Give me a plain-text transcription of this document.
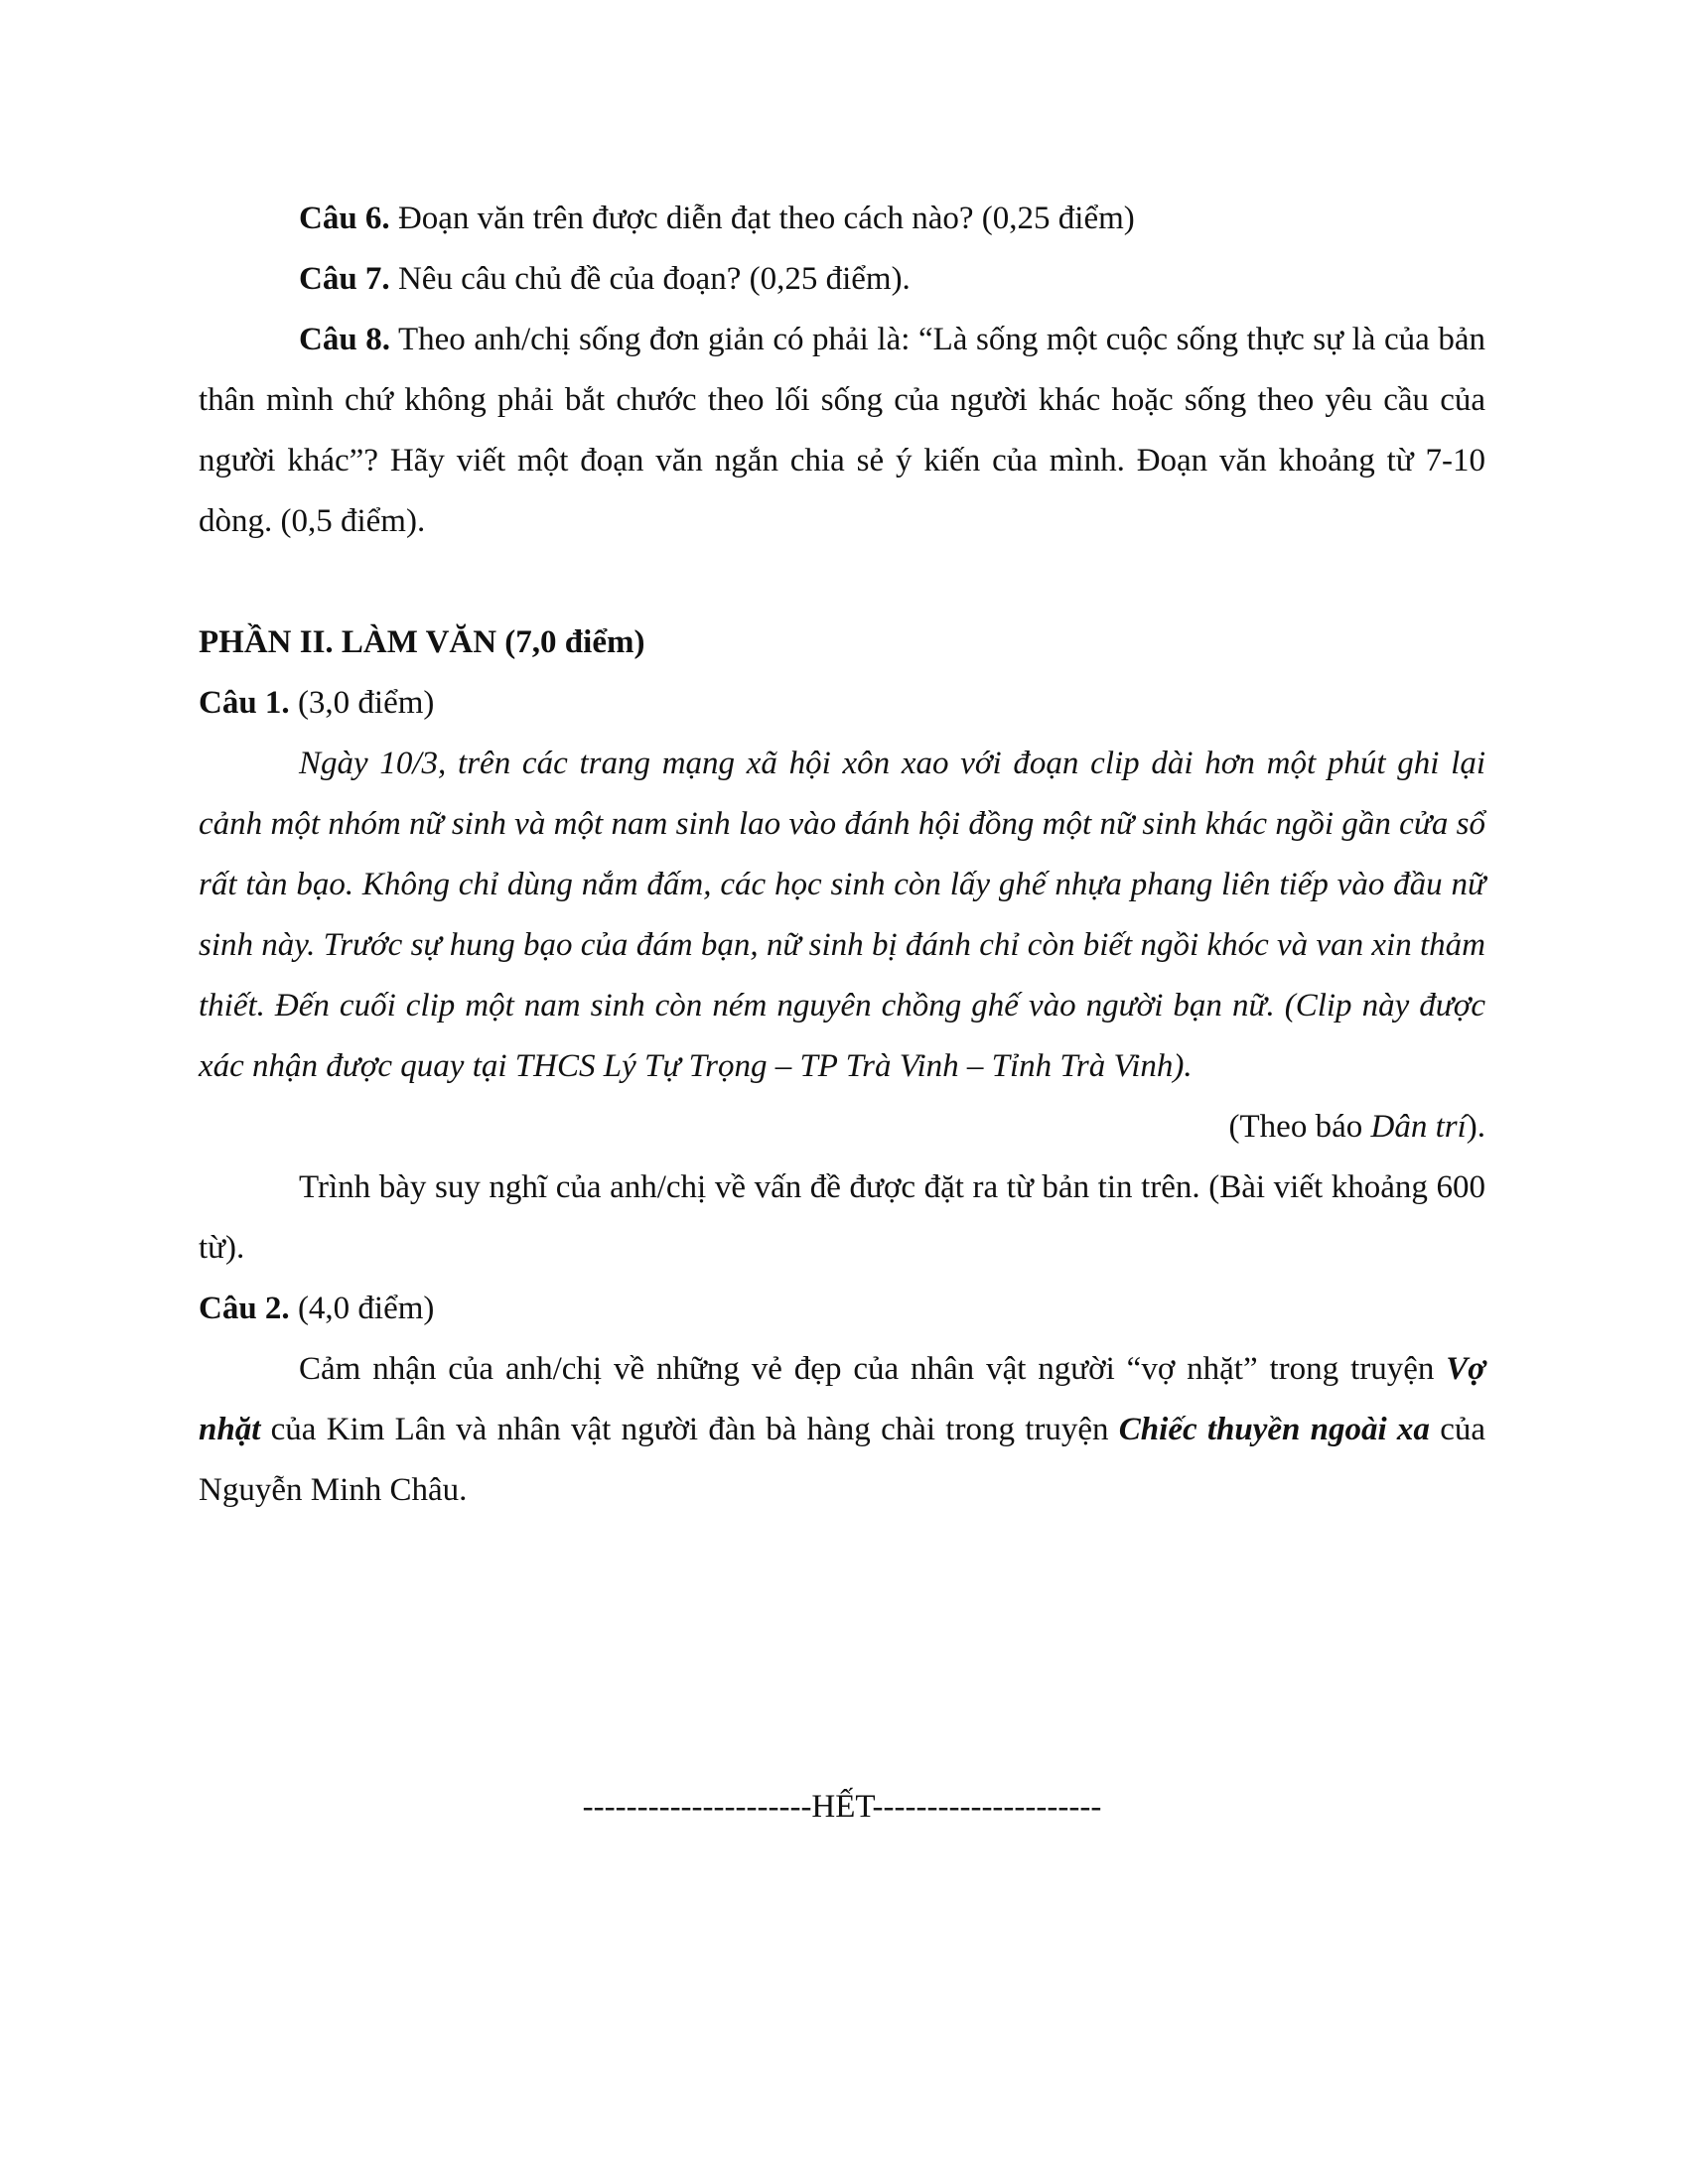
Câu 6. Đoạn văn trên được diễn đạt theo cách nào? (0,25 điểm)

Câu 7. Nêu câu chủ đề của đoạn? (0,25 điểm).

Câu 8. Theo anh/chị sống đơn giản có phải là: “Là sống một cuộc sống thực sự là của bản thân mình chứ không phải bắt chước theo lối sống của người khác hoặc sống theo yêu cầu của người khác”? Hãy viết một đoạn văn ngắn chia sẻ ý kiến của mình. Đoạn văn khoảng từ 7-10 dòng. (0,5 điểm).

PHẦN II. LÀM VĂN (7,0 điểm)

Câu 1. (3,0 điểm)

Ngày 10/3, trên các trang mạng xã hội xôn xao với đoạn clip dài hơn một phút ghi lại cảnh một nhóm nữ sinh và một nam sinh lao vào đánh hội đồng một nữ sinh khác ngồi gần cửa sổ rất tàn bạo. Không chỉ dùng nắm đấm, các học sinh còn lấy ghế nhựa phang liên tiếp vào đầu nữ sinh này. Trước sự hung bạo của đám bạn, nữ sinh bị đánh chỉ còn biết ngồi khóc và van xin thảm thiết. Đến cuối clip một nam sinh còn ném nguyên chồng ghế vào người bạn nữ. (Clip này được xác nhận được quay tại THCS Lý Tự Trọng – TP Trà Vinh – Tỉnh Trà Vinh).

(Theo báo Dân trí).

Trình bày suy nghĩ của anh/chị về vấn đề được đặt ra từ bản tin trên. (Bài viết khoảng 600 từ).

Câu 2. (4,0 điểm)

Cảm nhận của anh/chị về những vẻ đẹp của nhân vật người “vợ nhặt” trong truyện Vợ nhặt của Kim Lân và nhân vật người đàn bà hàng chài trong truyện Chiếc thuyền ngoài xa của Nguyễn Minh Châu.

---------------------HẾT---------------------
